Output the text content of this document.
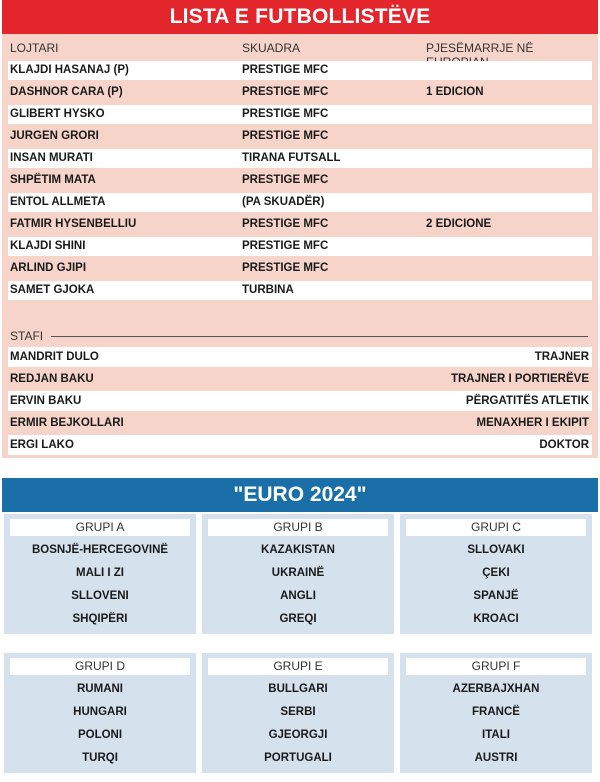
LISTA E FUTBOLLISTËVE
LOJTARI	SKUADRA	PJESËMARRJE NË
KLAJDI HASANAJ (P)	PRESTIGE MFC
DASHNOR CARA (P)	PRESTIGE MFC	1 EDICION
GLIBERT HYSKO	PRESTIGE MFC
JURGEN GRORI	PRESTIGE MFC
INSAN MURATI	TIRANA FUTSALL
SHPËTIM MATA	PRESTIGE MFC
ENTOL ALLMETA	(PA SKUADËR)
FATMIR HYSENBELLIU	PRESTIGE MFC	2 EDICIONE
KLAJDI SHINI	PRESTIGE MFC
ARLIND GJIPI	PRESTIGE MFC
SAMET GJOKA	TURBINA
STAFI
MANDRIT DULO	TRAJNER
REDJAN BAKU	TRAJNER I PORTIERËVE
ERVIN BAKU	PËRGATITËS ATLETIK
ERMIR BEJKOLLARI	MENAXHER I EKIPIT
ERGI LAKO	DOKTOR
"EURO 2024"
GRUPI A
BOSNJË-HERCEGOVINË
MALI I ZI
SLLOVENI
SHQIPËRI
GRUPI B
KAZAKISTAN
UKRAINË
ANGLI
GREQI
GRUPI C
SLLOVAKI
ÇEKI
SPANJË
KROACI
GRUPI D
RUMANI
HUNGARI
POLONI
TURQI
GRUPI E
BULLGARI
SERBI
GJEORGJI
PORTUGALI
GRUPI F
AZERBAJXHAN
FRANCË
ITALI
AUSTRI
